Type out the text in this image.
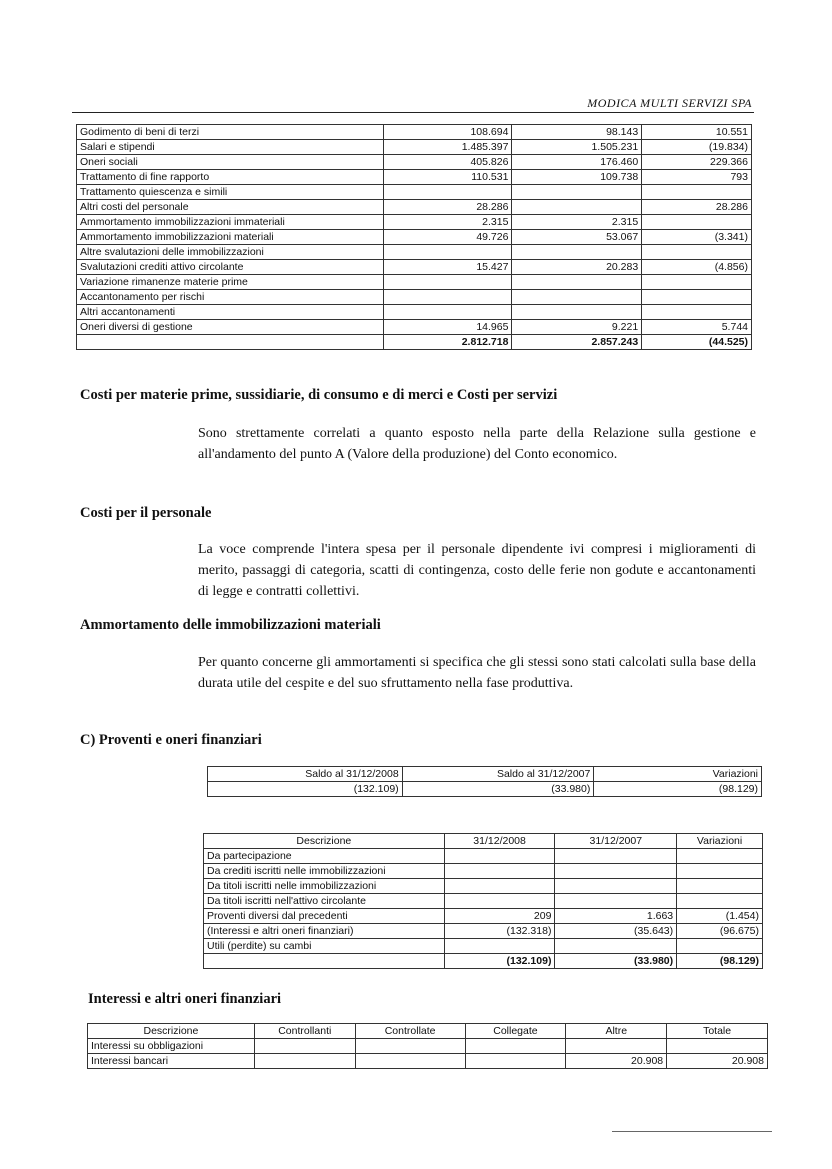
MODICA MULTI SERVIZI SPA
Godimento di beni di terzi	108.694	98.143	10.551
Salari e stipendi	1.485.397	1.505.231	(19.834)
Oneri sociali	405.826	176.460	229.366
Trattamento di fine rapporto	110.531	109.738	793
Trattamento quiescenza e simili			
Altri costi del personale	28.286		28.286
Ammortamento immobilizzazioni immateriali	2.315	2.315	
Ammortamento immobilizzazioni materiali	49.726	53.067	(3.341)
Altre svalutazioni delle immobilizzazioni			
Svalutazioni crediti attivo circolante	15.427	20.283	(4.856)
Variazione rimanenze materie prime			
Accantonamento per rischi			
Altri accantonamenti			
Oneri diversi di gestione	14.965	9.221	5.744
	2.812.718	2.857.243	(44.525)
Costi per materie prime, sussidiarie, di consumo e di merci e Costi per servizi

Sono strettamente correlati a quanto esposto nella parte della Relazione sulla gestione e all'andamento del punto A (Valore della produzione) del Conto economico.

Costi per il personale

La voce comprende l'intera spesa per il personale dipendente ivi compresi i miglioramenti di merito, passaggi di categoria, scatti di contingenza, costo delle ferie non godute e accantonamenti di legge e contratti collettivi.

Ammortamento delle immobilizzazioni materiali

Per quanto concerne gli ammortamenti si specifica che gli stessi sono stati calcolati sulla base della durata utile del cespite e del suo sfruttamento nella fase produttiva.

C) Proventi e oneri finanziari
Saldo al 31/12/2008	Saldo al 31/12/2007	Variazioni
(132.109)	(33.980)	(98.129)
Descrizione	31/12/2008	31/12/2007	Variazioni
Da partecipazione			
Da crediti iscritti nelle immobilizzazioni			
Da titoli iscritti nelle immobilizzazioni			
Da titoli iscritti nell'attivo circolante			
Proventi diversi dal precedenti	209	1.663	(1.454)
(Interessi e altri oneri finanziari)	(132.318)	(35.643)	(96.675)
Utili (perdite) su cambi			
	(132.109)	(33.980)	(98.129)
Interessi e altri oneri finanziari
Descrizione	Controllanti	Controllate	Collegate	Altre	Totale
Interessi su obbligazioni					
Interessi bancari				20.908	20.908
